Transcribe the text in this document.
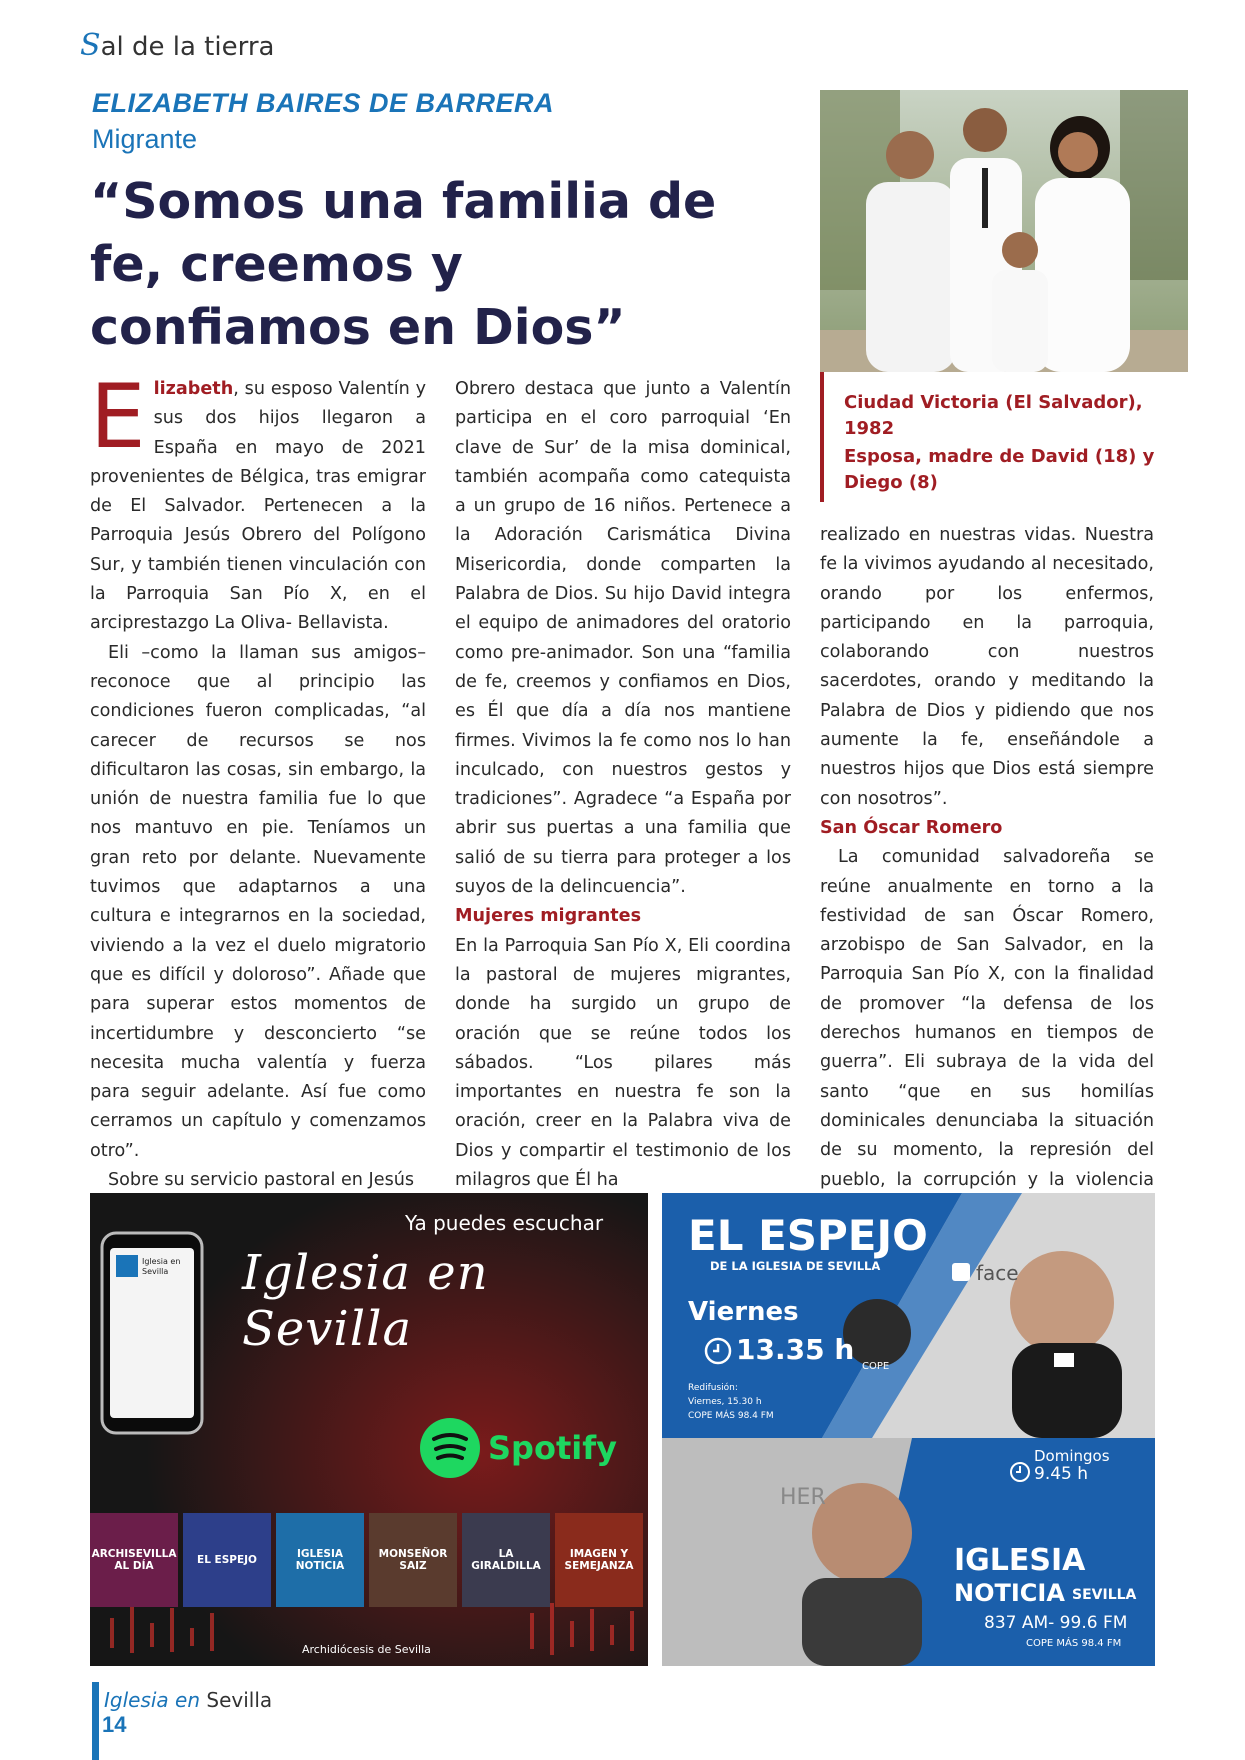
Sal de la tierra
ELIZABETH BAIRES DE BARRERA
Migrante
“Somos una familia de fe, creemos y confiamos en Dios”

Ciudad Victoria (El Salvador), 1982

Esposa, madre de David (18) y Diego (8)

E lizabeth, su esposo Valentín y sus dos hijos llegaron a España en mayo de 2021 provenientes de Bélgica, tras emigrar de El Salvador. Pertenecen a la Parroquia Jesús Obrero del Polígono Sur, y también tienen vinculación con la Parroquia San Pío X, en el arciprestazgo La Oliva- Bellavista.

Eli –como la llaman sus amigos– reconoce que al principio las condiciones fueron complicadas, “al carecer de recursos se nos dificultaron las cosas, sin embargo, la unión de nuestra familia fue lo que nos mantuvo en pie. Teníamos un gran reto por delante. Nuevamente tuvimos que adaptarnos a una cultura e integrarnos en la sociedad, viviendo a la vez el duelo migratorio que es difícil y doloroso”. Añade que para superar estos momentos de incertidumbre y desconcierto “se necesita mucha valentía y fuerza para seguir adelante. Así fue como cerramos un capítulo y comenzamos otro”.

Sobre su servicio pastoral en Jesús

Obrero destaca que junto a Valentín participa en el coro parroquial ‘En clave de Sur’ de la misa dominical, también acompaña como catequista a un grupo de 16 niños. Pertenece a la Adoración Carismática Divina Misericordia, donde comparten la Palabra de Dios. Su hijo David integra el equipo de animadores del oratorio como pre-animador. Son una “familia de fe, creemos y confiamos en Dios, es Él que día a día nos mantiene firmes. Vivimos la fe como nos lo han inculcado, con nuestros gestos y tradiciones”. Agradece “a España por abrir sus puertas a una familia que salió de su tierra para proteger a los suyos de la delincuencia”.

Mujeres migrantes

En la Parroquia San Pío X, Eli coordina la pastoral de mujeres migrantes, donde ha surgido un grupo de oración que se reúne todos los sábados. “Los pilares más importantes en nuestra fe son la oración, creer en la Palabra viva de Dios y compartir el testimonio de los milagros que Él ha

realizado en nuestras vidas. Nuestra fe la vivimos ayudando al necesitado, orando por los enfermos, participando en la parroquia, colaborando con nuestros sacerdotes, orando y meditando la Palabra de Dios y pidiendo que nos aumente la fe, enseñándole a nuestros hijos que Dios está siempre con nosotros”.

San Óscar Romero

La comunidad salvadoreña se reúne anualmente en torno a la festividad de san Óscar Romero, arzobispo de San Salvador, en la Parroquia San Pío X, con la finalidad de promover “la defensa de los derechos humanos en tiempos de guerra”. Eli subraya de la vida del santo “que en sus homilías dominicales denunciaba la situación de su momento, la represión del pueblo, la corrupción y la violencia

Ya puedes escuchar
Iglesia en Sevilla
Iglesia en Sevilla
Spotify
ARCHISEVILLA AL DÍA	EL ESPEJO	IGLESIA NOTICIA
MONSEÑOR SAIZ
LA GIRALDILLA
IMAGEN Y SEMEJANZA
Archidiócesis de Sevilla
EL ESPEJO
DE LA IGLESIA DE SEVILLA
Viernes
13.35 h
Redifusión:
Viernes, 15.30 h
COPE MÁS 98.4 FM
face
COPE
HER
Domingos
9.45 h
IGLESIA
NOTICIA SEVILLA
837 AM- 99.6 FM
COPE MÁS 98.4 FM
Iglesia en Sevilla
14
